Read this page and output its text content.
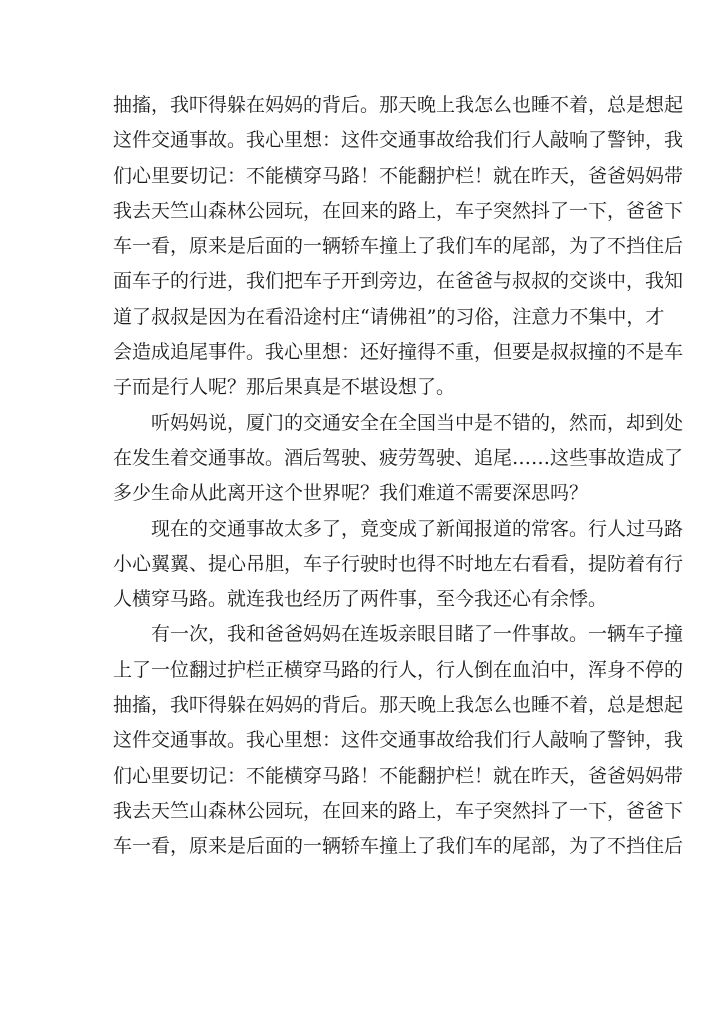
抽搐，我吓得躲在妈妈的背后。那天晚上我怎么也睡不着，总是想起
这件交通事故。我心里想：这件交通事故给我们行人敲响了警钟，我
们心里要切记：不能横穿马路！不能翻护栏！就在昨天，爸爸妈妈带
我去天竺山森林公园玩，在回来的路上，车子突然抖了一下，爸爸下
车一看，原来是后面的一辆轿车撞上了我们车的尾部，为了不挡住后
面车子的行进，我们把车子开到旁边，在爸爸与叔叔的交谈中，我知
道了叔叔是因为在看沿途村庄“请佛祖”的习俗，注意力不集中，才
会造成追尾事件。我心里想：还好撞得不重，但要是叔叔撞的不是车
子而是行人呢？那后果真是不堪设想了。
听妈妈说，厦门的交通安全在全国当中是不错的，然而，却到处
在发生着交通事故。酒后驾驶、疲劳驾驶、追尾……这些事故造成了
多少生命从此离开这个世界呢？我们难道不需要深思吗？
现在的交通事故太多了，竟变成了新闻报道的常客。行人过马路
小心翼翼、提心吊胆，车子行驶时也得不时地左右看看，提防着有行
人横穿马路。就连我也经历了两件事，至今我还心有余悸。
有一次，我和爸爸妈妈在连坂亲眼目睹了一件事故。一辆车子撞
上了一位翻过护栏正横穿马路的行人，行人倒在血泊中，浑身不停的
抽搐，我吓得躲在妈妈的背后。那天晚上我怎么也睡不着，总是想起
这件交通事故。我心里想：这件交通事故给我们行人敲响了警钟，我
们心里要切记：不能横穿马路！不能翻护栏！就在昨天，爸爸妈妈带
我去天竺山森林公园玩，在回来的路上，车子突然抖了一下，爸爸下
车一看，原来是后面的一辆轿车撞上了我们车的尾部，为了不挡住后
